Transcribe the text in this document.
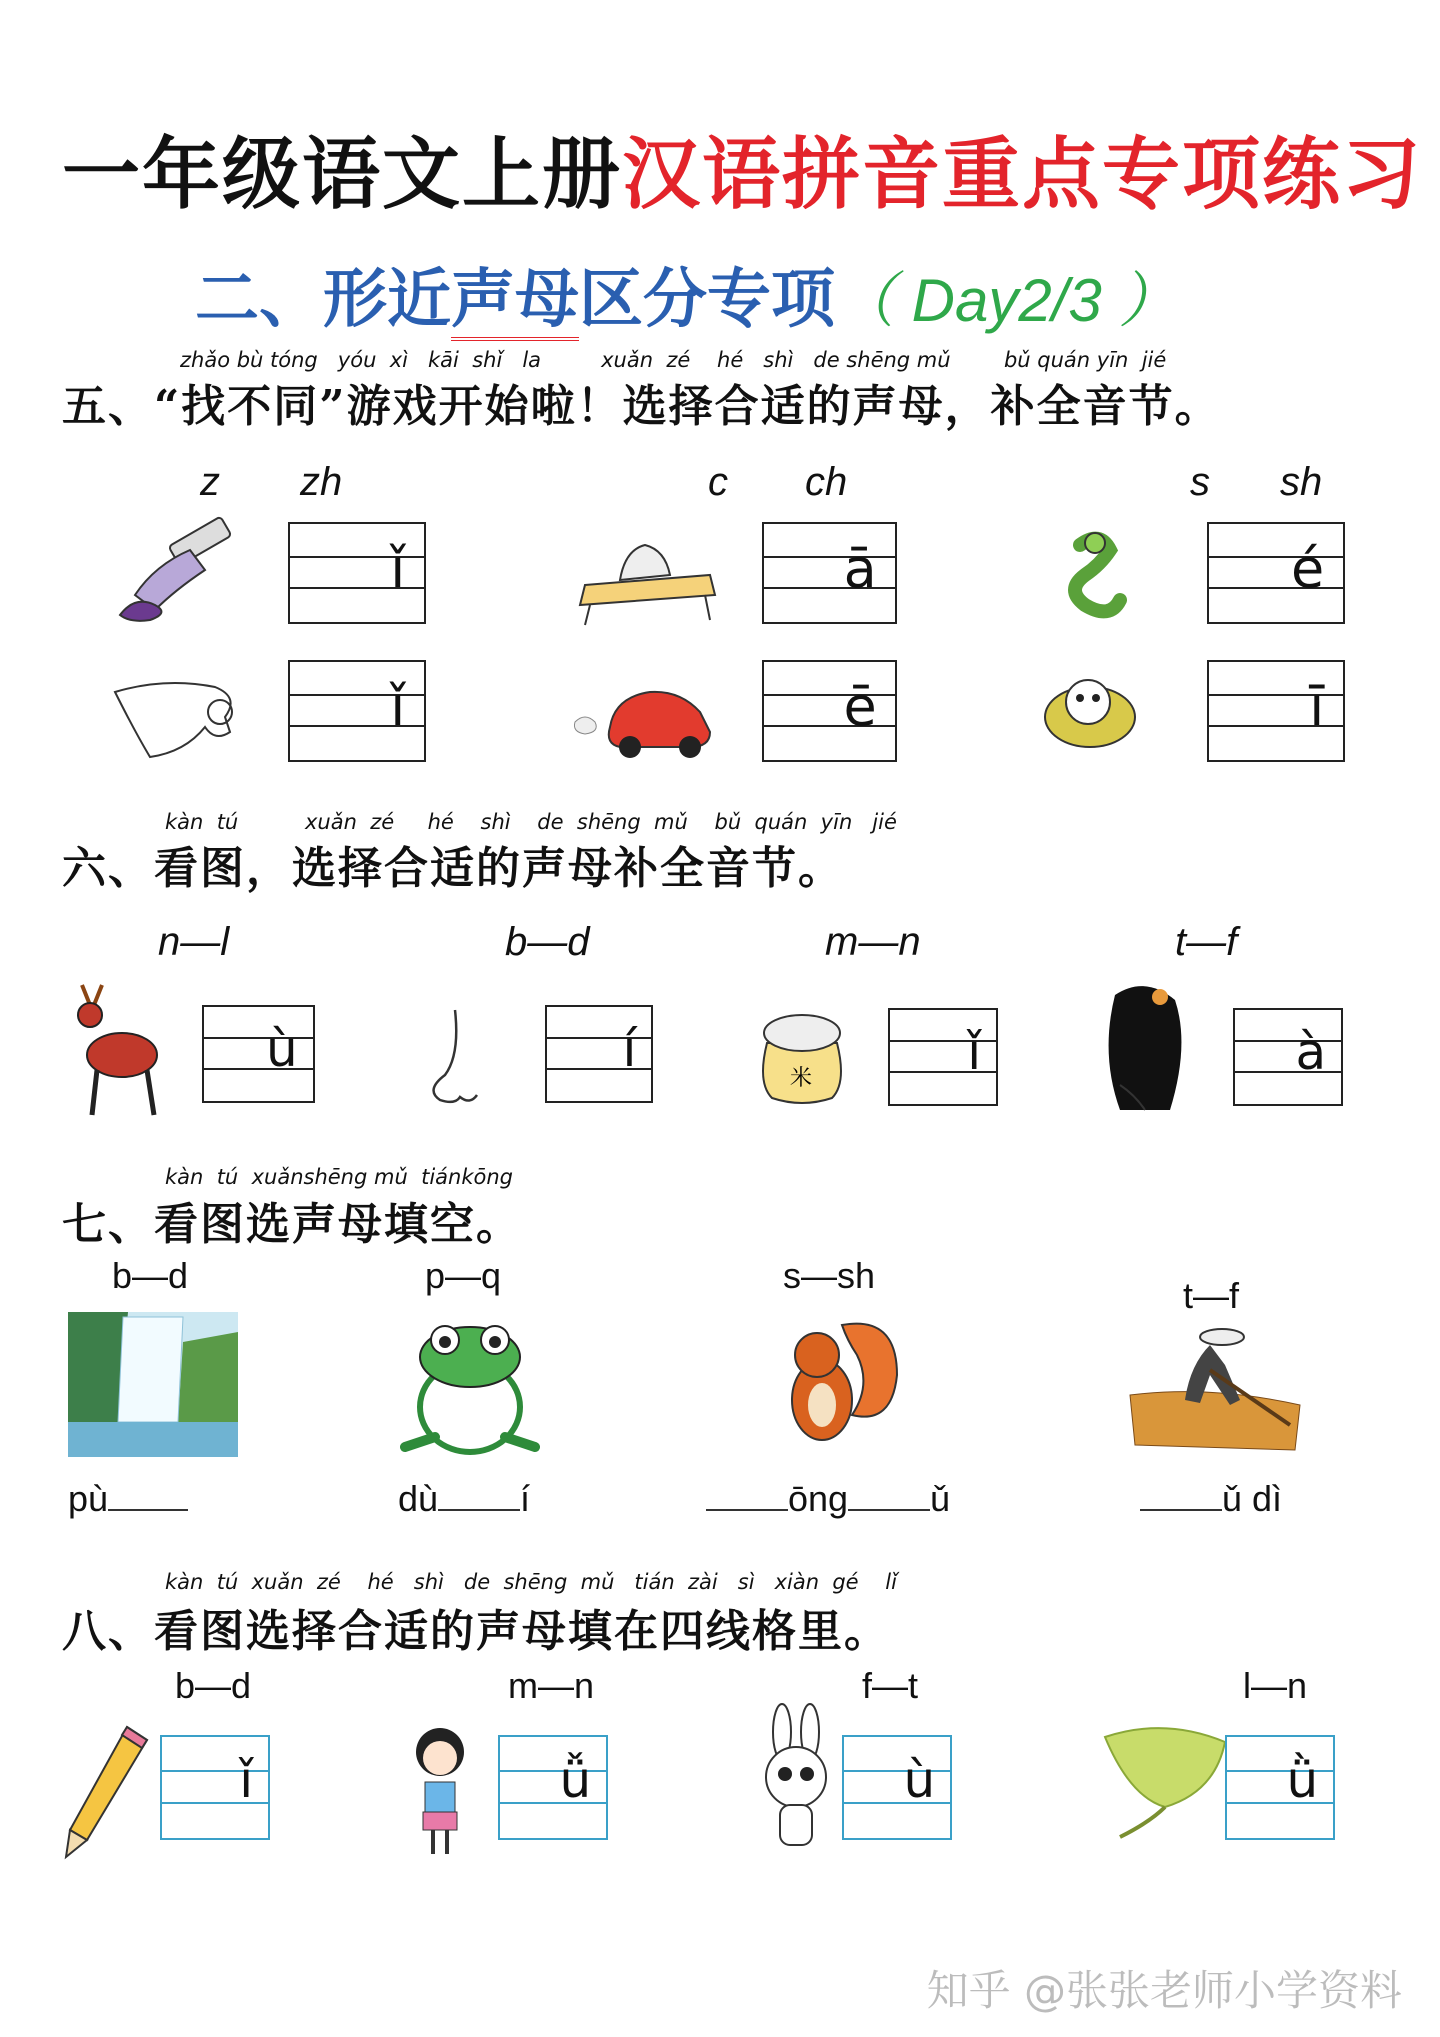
一年级语文上册汉语拼音重点专项练习
二、形近声母区分专项（ Day2/3 ）
zhǎo bù tóng   yóu  xì   kāi  shǐ   la         xuǎn  zé    hé   shì   de shēng mǔ        bǔ quán yīn  jié
五、“找不同”游戏开始啦！选择合适的声母，补全音节。
z zh
ǐ
ǐ
c ch
ā
ē
s sh
é
ī
kàn  tú          xuǎn  zé     hé    shì    de  shēng  mǔ    bǔ  quán  yīn   jié
六、看图，选择合适的声母补全音节。
n—l
ù
b—d
í
m—n
米	ǐ
t—f
à
kàn  tú  xuǎnshēng mǔ  tiánkōng
七、看图选声母填空。
b—d
pù
p—q
dù í
s—sh
ōng ǔ
t—f
ǔ dì
kàn  tú  xuǎn  zé    hé   shì   de  shēng  mǔ   tián  zài   sì   xiàn  gé    lǐ
八、看图选择合适的声母填在四线格里。
b—d
ǐ
m—n
ǚ
f—t
ù
l—n
ǜ
知乎 @张张老师小学资料
